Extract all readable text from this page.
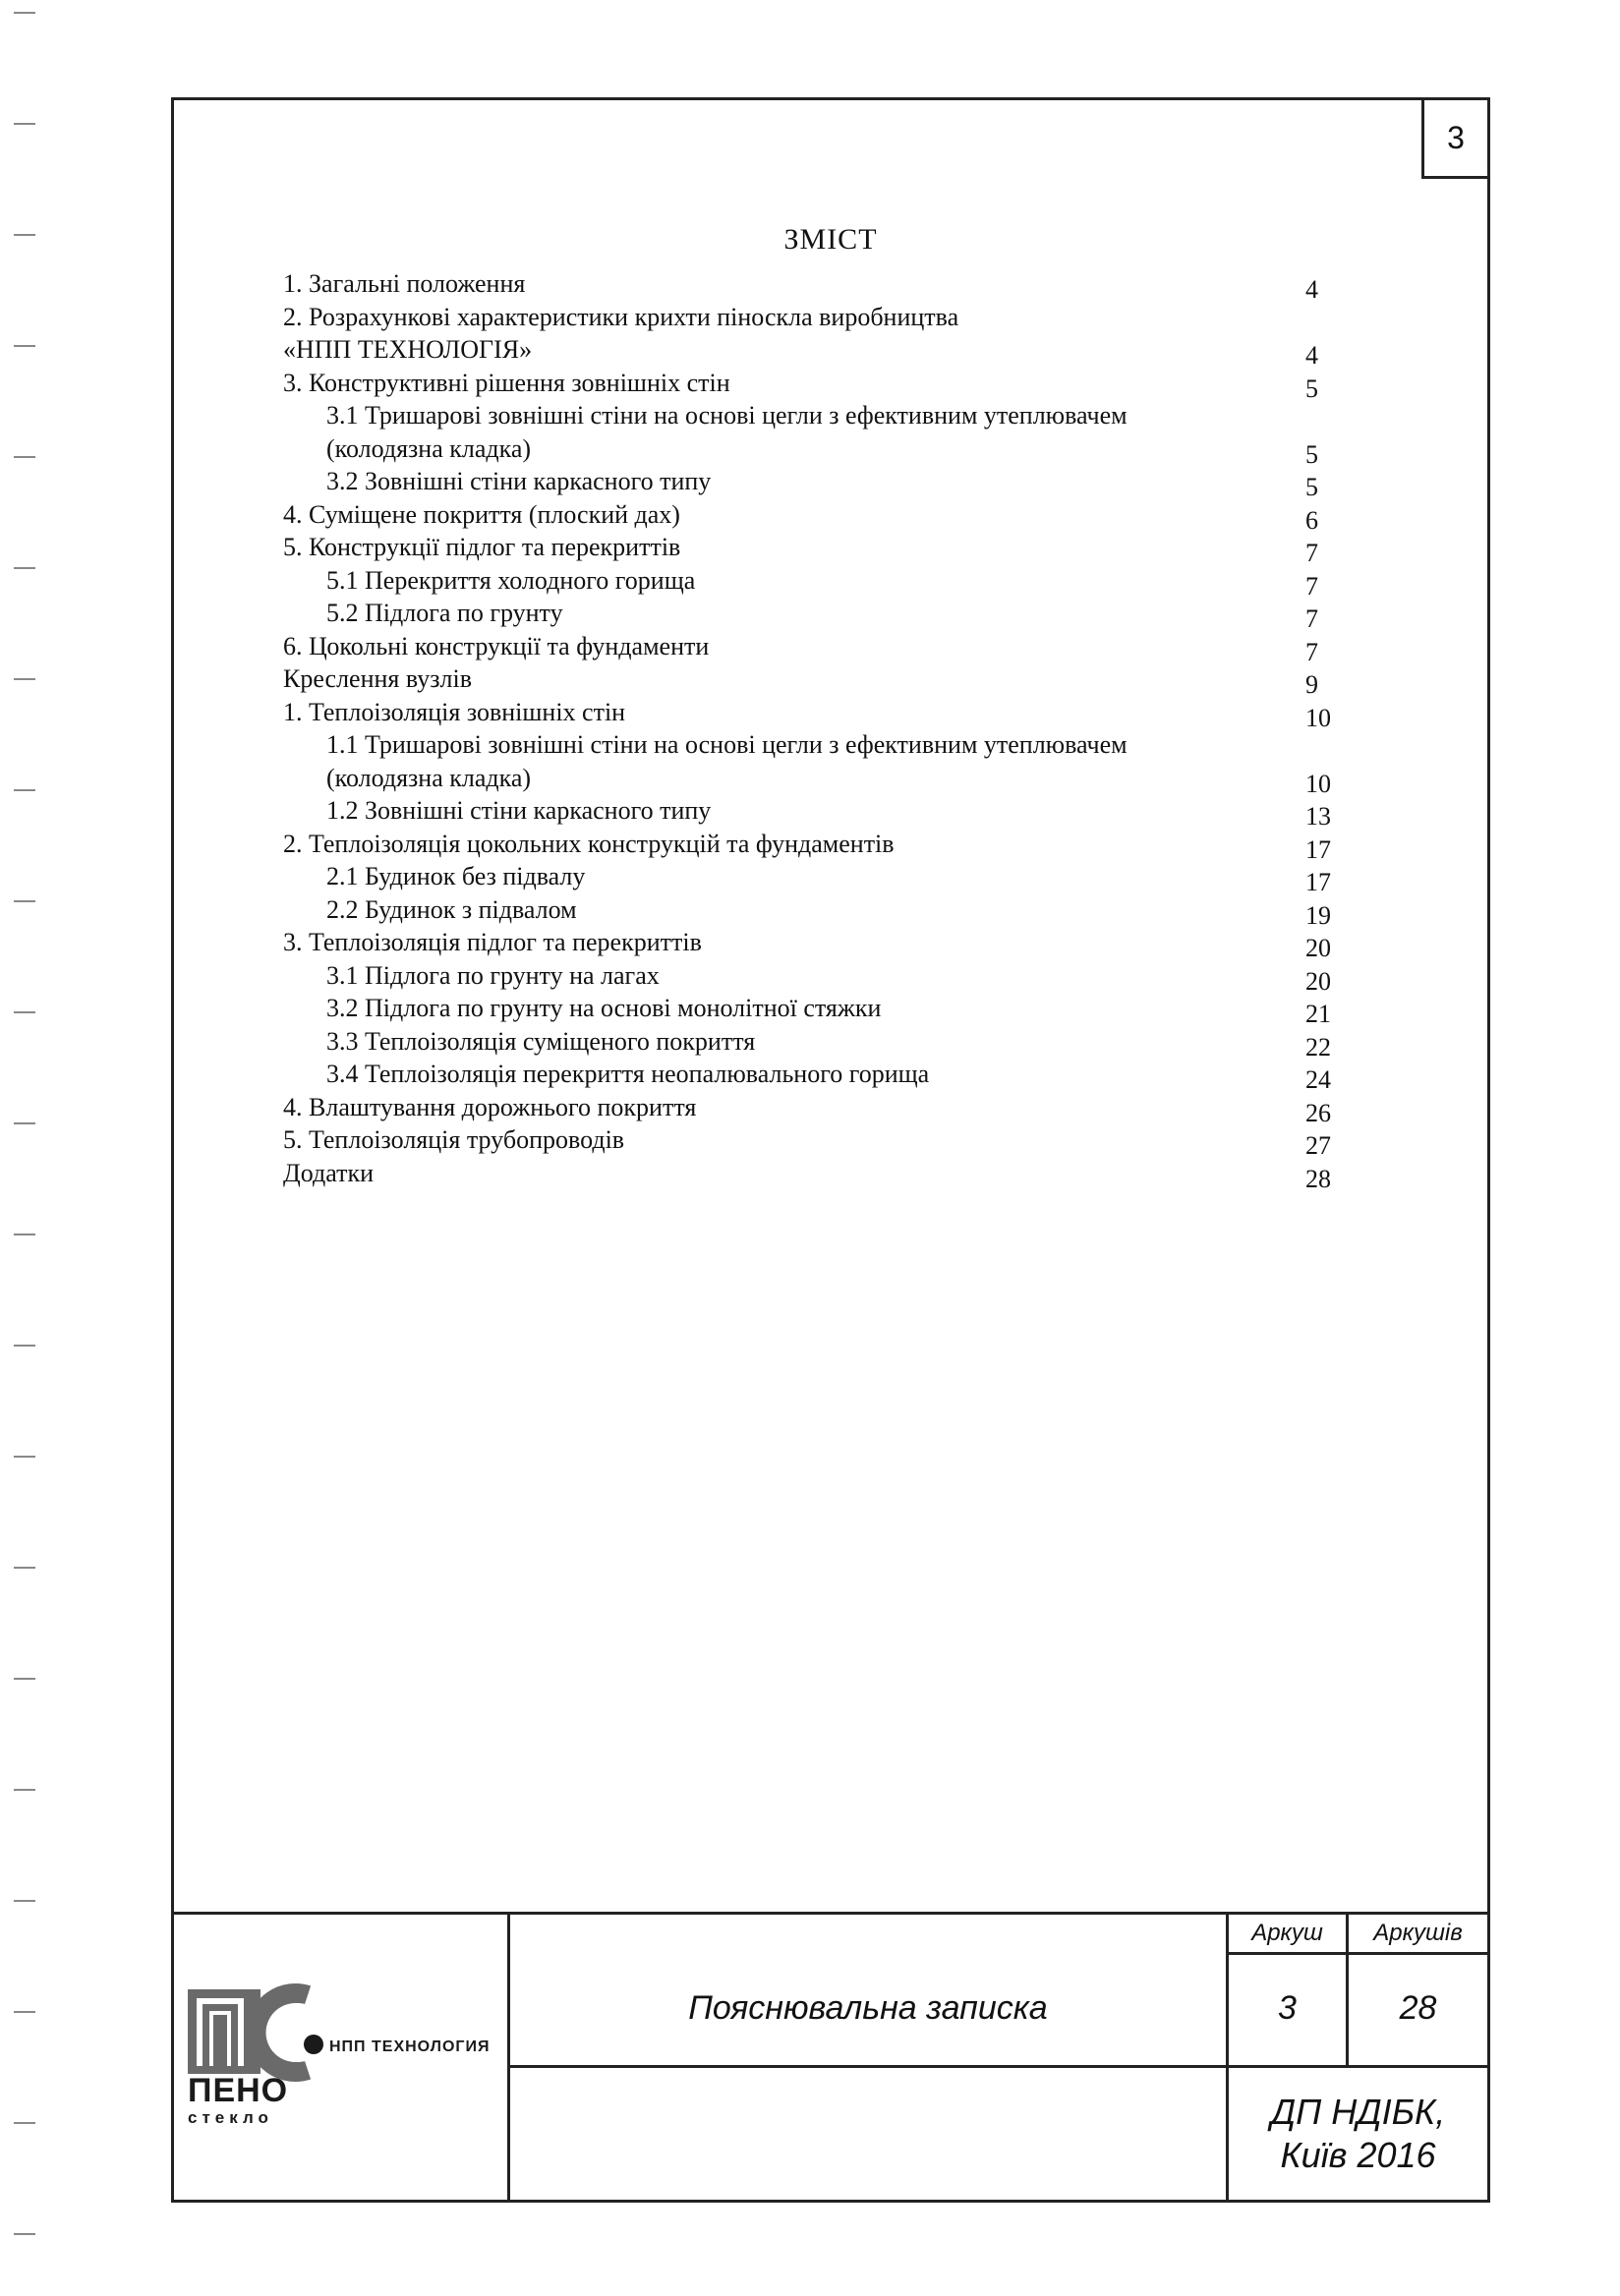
3
ЗМІСТ
1. Загальні положення	4
2. Розрахункові характеристики крихти піноскла виробництва
«НПП ТЕХНОЛОГІЯ»	4
3. Конструктивні рішення зовнішніх стін	5
3.1 Тришарові зовнішні стіни на основі цегли з ефективним утеплювачем
(колодязна кладка)	5
3.2 Зовнішні стіни каркасного типу	5
4. Суміщене покриття (плоский дах)	6
5. Конструкції підлог та перекриттів	7
5.1 Перекриття холодного горища	7
5.2 Підлога по грунту	7
6. Цокольні конструкції та фундаменти	7
Креслення вузлів	9
1. Теплоізоляція зовнішніх стін	10
1.1 Тришарові зовнішні стіни на основі цегли з ефективним утеплювачем
(колодязна кладка)	10
1.2 Зовнішні стіни каркасного типу	13
2. Теплоізоляція цокольних конструкцій та фундаментів	17
2.1 Будинок без підвалу	17
2.2 Будинок з підвалом	19
3. Теплоізоляція підлог та перекриттів	20
3.1 Підлога по грунту на лагах	20
3.2 Підлога по грунту на основі монолітної стяжки	21
3.3 Теплоізоляція суміщеного покриття	22
3.4 Теплоізоляція перекриття неопалювального горища	24
4. Влаштування дорожнього покриття	26
5. Теплоізоляція трубопроводів	27
Додатки	28
НПП ТЕХНОЛОГИЯ
ПЕНО
стекло
Аркуш	Аркушів
Пояснювальна записка	3	28
ДП НДІБК,
Київ 2016
